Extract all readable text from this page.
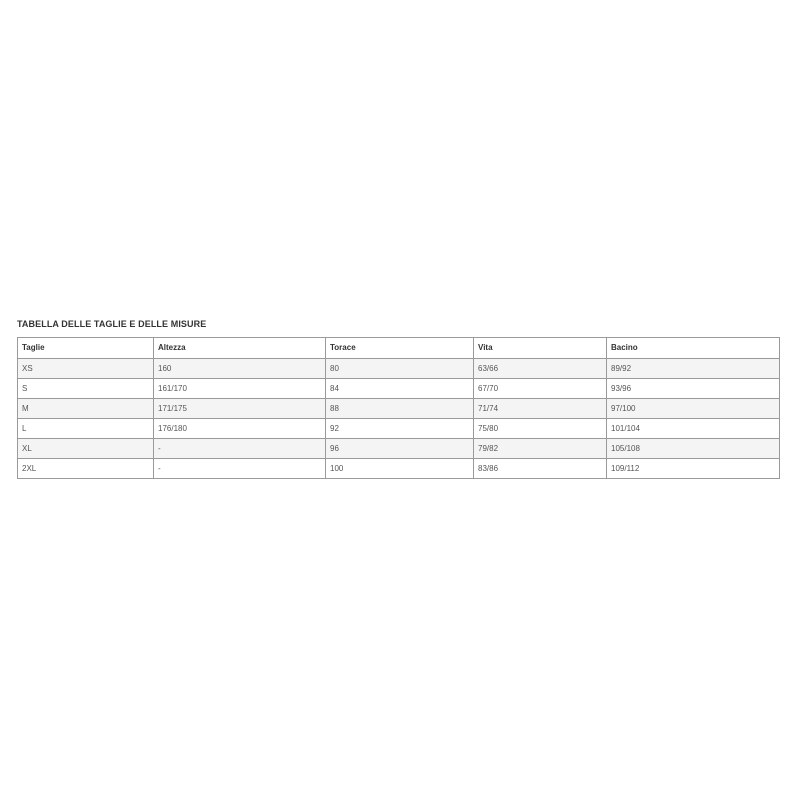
TABELLA DELLE TAGLIE E DELLE MISURE
Taglie	Altezza	Torace	Vita	Bacino
XS	160	80	63/66	89/92
S	161/170	84	67/70	93/96
M	171/175	88	71/74	97/100
L	176/180	92	75/80	101/104
XL	-	96	79/82	105/108
2XL	-	100	83/86	109/112
